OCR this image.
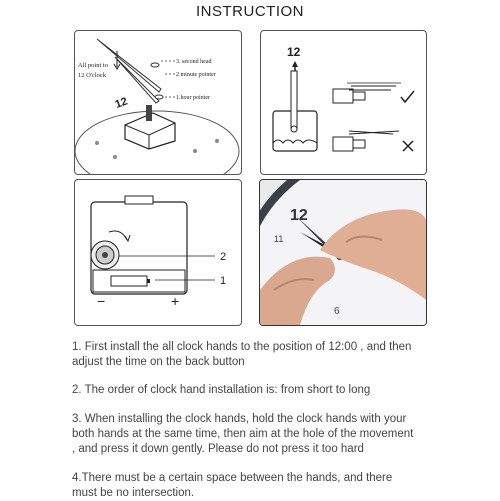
INSTRUCTION
All point to
12 O'clock
12
3. second head
2 minute pointer
1.hour pointer
12
2
1
−	+
12
11
6

1. First install the all clock hands to the position of 12:00 , and then adjust the time on the back button

2. The order of clock hand installation is: from short to long

3. When installing the clock hands, hold the clock hands with your both hands at the same time, then aim at the hole of the movement , and press it down gently. Please do not press it too hard

4.There must be a certain space between the hands, and there must be no intersection.
